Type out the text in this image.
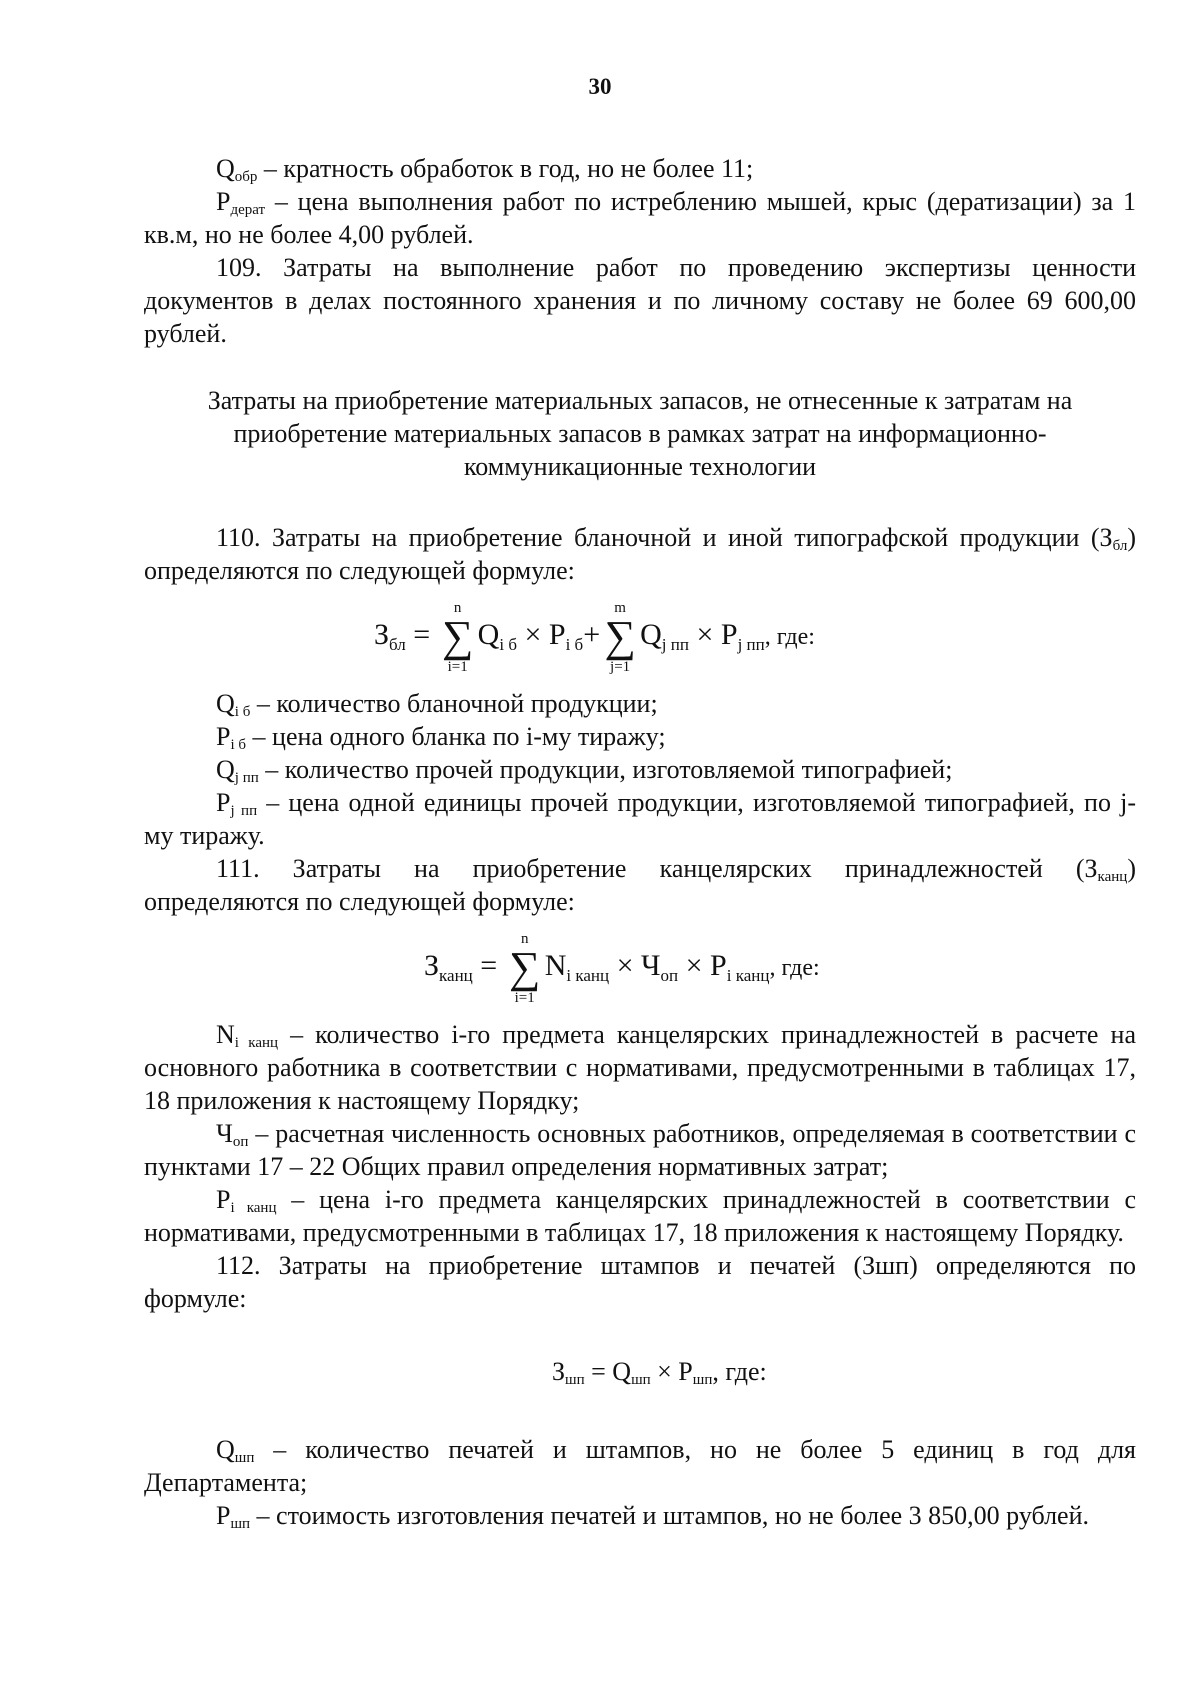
30

$Q_{обр}$ – кратность обработок в год, но не более 11;

$P_{дерат}$ – цена выполнения работ по истреблению мышей, крыс (дератизации) за 1 кв.м, но не более 4,00 рублей.

109. Затраты на выполнение работ по проведению экспертизы ценности документов в делах постоянного хранения и по личному составу не более 69 600,00 рублей.

Затраты на приобретение материальных запасов, не отнесенные к затратам на приобретение материальных запасов в рамках затрат на информационно-коммуникационные технологии

110. Затраты на приобретение бланочной и иной типографской продукции $(З_{бл})$ определяются по следующей формуле:

$З_{бл}$ = ∑
n
i=1
$Q_{i б} \times P_{i б}+\sum$
m
j=1
$Q_{j пп} \times P_{j пп}$, где:

$Q_{i б}$ – количество бланочной продукции;

$P_{i б}$ – цена одного бланка по i-му тиражу;

$Q_{j пп}$ – количество прочей продукции, изготовляемой типографией;

$P_{j пп}$ – цена одной единицы прочей продукции, изготовляемой типографией, по j-му тиражу.

111. Затраты на приобретение канцелярских принадлежностей $(З_{канц})$ определяются по следующей формуле:

$З_{канц}$ = ∑
n
i=1
$N_{i канц} \times Ч_{оп} \times P_{i канц}$, где:

$N_{i канц}$ – количество i-го предмета канцелярских принадлежностей в расчете на основного работника в соответствии с нормативами, предусмотренными в таблицах 17, 18 приложения к настоящему Порядку;

$Ч_{оп}$ – расчетная численность основных работников, определяемая в соответствии с пунктами 17 – 22 Общих правил определения нормативных затрат;

$P_{i канц}$ – цена i-го предмета канцелярских принадлежностей в соответствии с нормативами, предусмотренными в таблицах 17, 18 приложения к настоящему Порядку.

112. Затраты на приобретение штампов и печатей (Зшп) определяются по формуле:

$З_{шп} = Q_{шп} \times P_{шп}$, где:

$Q_{шп}$ – количество печатей и штампов, но не более 5 единиц в год для Департамента;

$P_{шп}$ – стоимость изготовления печатей и штампов, но не более 3 850,00 рублей.
